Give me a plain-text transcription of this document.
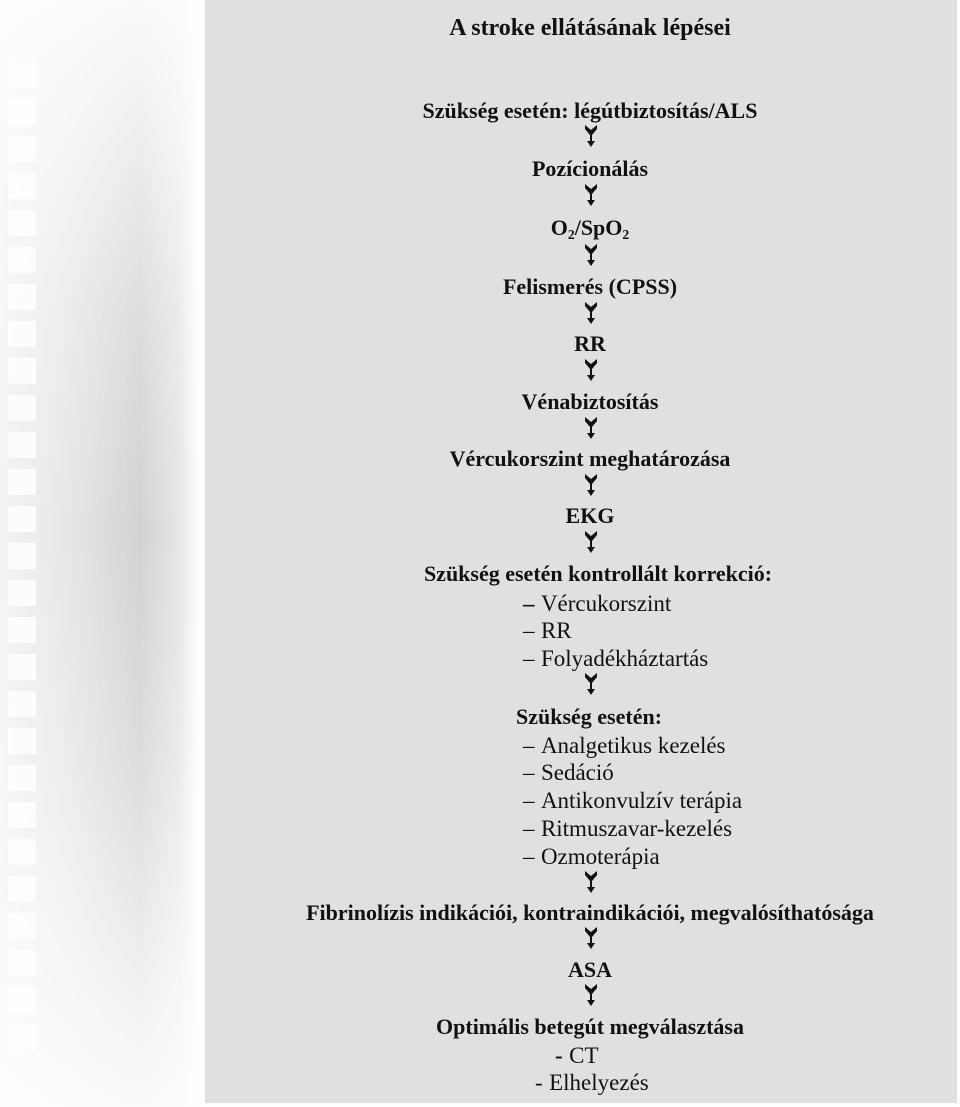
A stroke ellátásának lépései
Szükség esetén: légútbiztosítás/ALS
Pozícionálás
$O_2/SpO_2$
Felismerés (CPSS)
RR
Vénabiztosítás
Vércukorszint meghatározása
EKG
Szükség esetén kontrollált korrekció:
– Vércukorszint
– RR
– Folyadékháztartás
Szükség esetén:
– Analgetikus kezelés
– Sedáció
– Antikonvulzív terápia
– Ritmuszavar-kezelés
– Ozmoterápia
Fibrinolízis indikációi, kontraindikációi, megvalósíthatósága
ASA
Optimális betegút megválasztása
- CT
- Elhelyezés
